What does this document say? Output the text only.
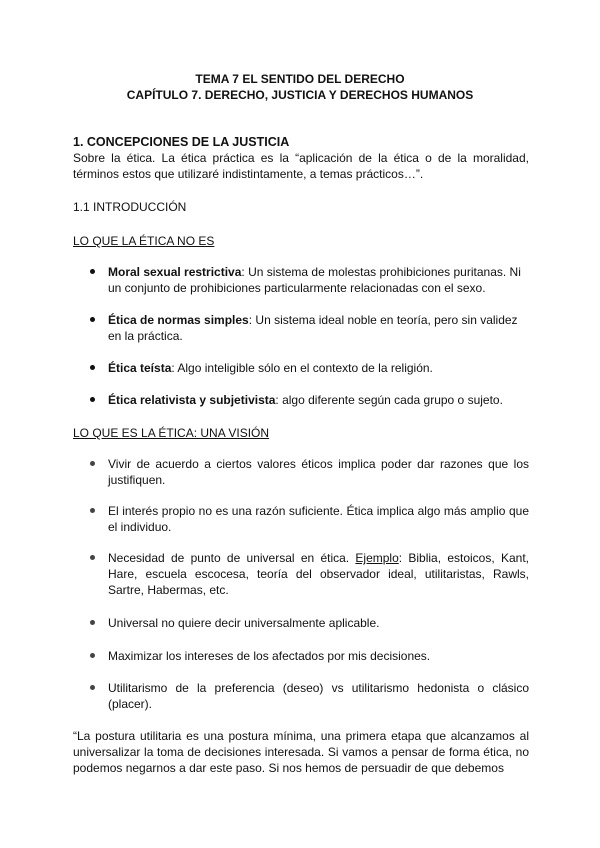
TEMA 7 EL SENTIDO DEL DERECHO
CAPÍTULO 7. DERECHO, JUSTICIA Y DERECHOS HUMANOS
1. CONCEPCIONES DE LA JUSTICIA
Sobre la ética. La ética práctica es la “aplicación de la ética o de la moralidad, términos estos que utilizaré indistintamente, a temas prácticos…”.
1.1 INTRODUCCIÓN
LO QUE LA ÉTICA NO ES
Moral sexual restrictiva: Un sistema de molestas prohibiciones puritanas. Ni un conjunto de prohibiciones particularmente relacionadas con el sexo.
Ética de normas simples: Un sistema ideal noble en teoría, pero sin validez en la práctica.
Ética teísta: Algo inteligible sólo en el contexto de la religión.
Ética relativista y subjetivista: algo diferente según cada grupo o sujeto.
LO QUE ES LA ÉTICA: UNA VISIÓN
Vivir de acuerdo a ciertos valores éticos implica poder dar razones que los justifiquen.
El interés propio no es una razón suficiente. Ética implica algo más amplio que el individuo.
Necesidad de punto de universal en ética. Ejemplo: Biblia, estoicos, Kant, Hare, escuela escocesa, teoría del observador ideal, utilitaristas, Rawls, Sartre, Habermas, etc.
Universal no quiere decir universalmente aplicable.
Maximizar los intereses de los afectados por mis decisiones.
Utilitarismo de la preferencia (deseo) vs utilitarismo hedonista o clásico (placer).
“La postura utilitaria es una postura mínima, una primera etapa que alcanzamos al universalizar la toma de decisiones interesada. Si vamos a pensar de forma ética, no podemos negarnos a dar este paso. Si nos hemos de persuadir de que debemos
